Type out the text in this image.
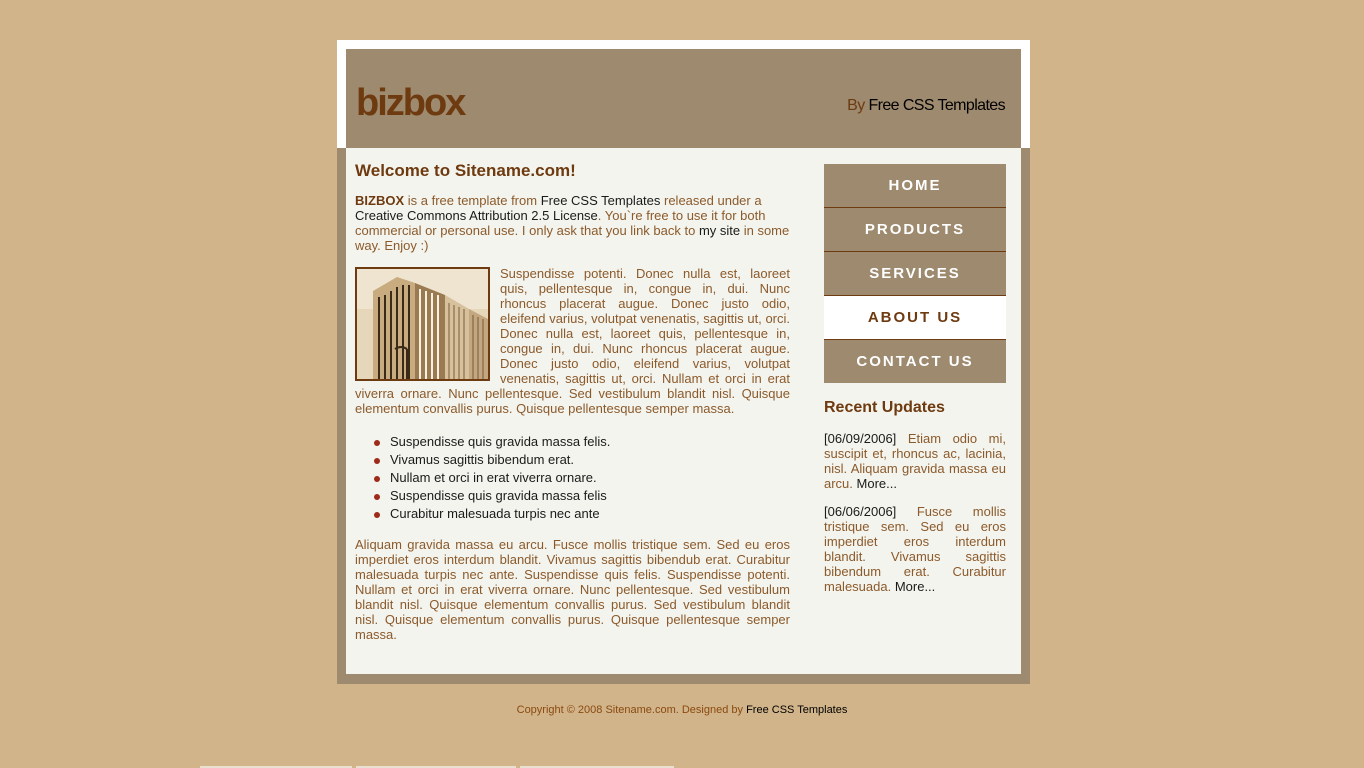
bizbox	By Free CSS Templates

Welcome to Sitename.com!

BIZBOX is a free template from Free CSS Templates released under a Creative Commons Attribution 2.5 License. You`re free to use it for both commercial or personal use. I only ask that you link back to my site in some way. Enjoy :)

Suspendisse potenti. Donec nulla est, laoreet quis, pellentesque in, congue in, dui. Nunc rhoncus placerat augue. Donec justo odio, eleifend varius, volutpat venenatis, sagittis ut, orci. Donec nulla est, laoreet quis, pellentesque in, congue in, dui. Nunc rhoncus placerat augue. Donec justo odio, eleifend varius, volutpat venenatis, sagittis ut, orci. Nullam et orci in erat viverra ornare. Nunc pellentesque. Sed vestibulum blandit nisl. Quisque elementum convallis purus. Quisque pellentesque semper massa.
Suspendisse quis gravida massa felis.
Vivamus sagittis bibendum erat.
Nullam et orci in erat viverra ornare.
Suspendisse quis gravida massa felis
Curabitur malesuada turpis nec ante

Aliquam gravida massa eu arcu. Fusce mollis tristique sem. Sed eu eros imperdiet eros interdum blandit. Vivamus sagittis bibendub erat. Curabitur malesuada turpis nec ante. Suspendisse quis felis. Suspendisse potenti. Nullam et orci in erat viverra ornare. Nunc pellentesque. Sed vestibulum blandit nisl. Quisque elementum convallis purus. Sed vestibulum blandit nisl. Quisque elementum convallis purus. Quisque pellentesque semper massa.

HOME
PRODUCTS
SERVICES
ABOUT US
CONTACT US
Recent Updates

[06/09/2006] Etiam odio mi, suscipit et, rhoncus ac, lacinia, nisl. Aliquam gravida massa eu arcu. More...

[06/06/2006] Fusce mollis tristique sem. Sed eu eros imperdiet eros interdum blandit. Vivamus sagittis bibendum erat. Curabitur malesuada. More...

Copyright © 2008 Sitename.com. Designed by Free CSS Templates
